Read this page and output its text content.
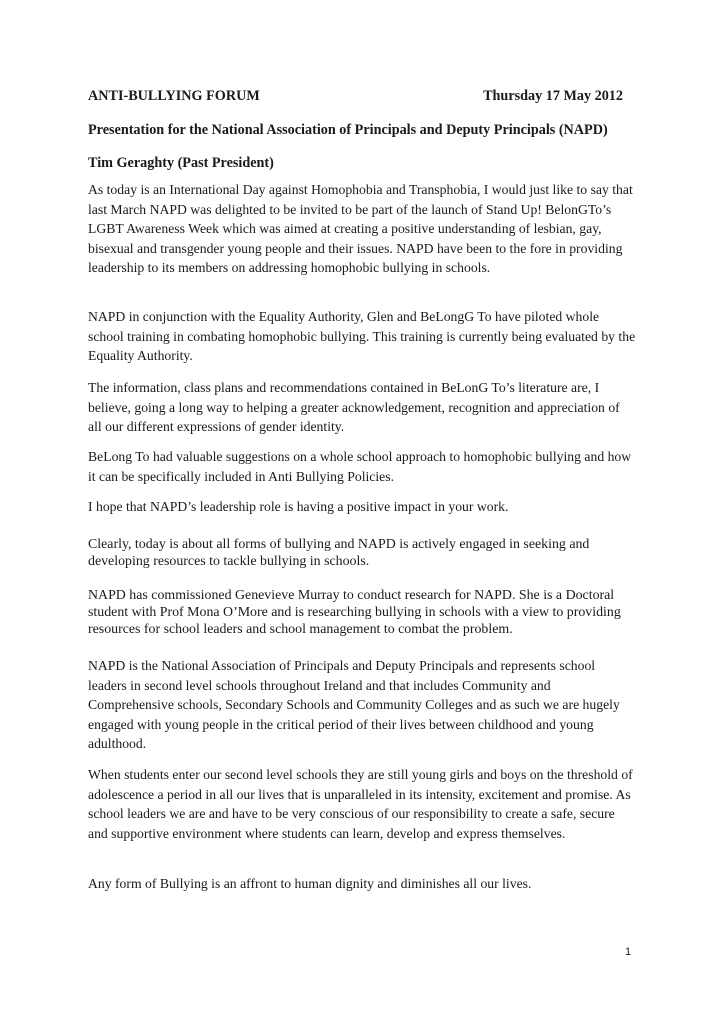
ANTI-BULLYING FORUM	Thursday 17 May 2012
Presentation for the National Association of Principals and Deputy Principals (NAPD)
Tim Geraghty (Past President)

As today is an International Day against Homophobia and Transphobia, I would just like to say that last March NAPD was delighted to be invited to be part of the launch of Stand Up! BelonGTo’s LGBT Awareness Week which was aimed at creating a positive understanding of lesbian, gay, bisexual and transgender young people and their issues. NAPD have been to the fore in providing leadership to its members on addressing homophobic bullying in schools.

NAPD in conjunction with the Equality Authority, Glen and BeLongG To have piloted whole school training in combating homophobic bullying. This training is currently being evaluated by the Equality Authority.

The information, class plans and recommendations contained in BeLonG To’s literature are, I believe, going a long way to helping a greater acknowledgement, recognition and appreciation of all our different expressions of gender identity.

BeLong To had valuable suggestions on a whole school approach to homophobic bullying and how it can be specifically included in Anti Bullying Policies.

I hope that NAPD’s leadership role is having a positive impact in your work.

Clearly, today is about all forms of bullying and NAPD is actively engaged in seeking and developing resources to tackle bullying in schools.

NAPD has commissioned Genevieve Murray to conduct research for NAPD. She is a Doctoral student with Prof Mona O’More and is researching bullying in schools with a view to providing resources for school leaders and school management to combat the problem.

NAPD is the National Association of Principals and Deputy Principals and represents school leaders in second level schools throughout Ireland and that includes Community and Comprehensive schools, Secondary Schools and Community Colleges and as such we are hugely engaged with young people in the critical period of their lives between childhood and young adulthood.

When students enter our second level schools they are still young girls and boys on the threshold of adolescence a period in all our lives that is unparalleled in its intensity, excitement and promise. As school leaders we are and have to be very conscious of our responsibility to create a safe, secure and supportive environment where students can learn, develop and express themselves.

Any form of Bullying is an affront to human dignity and diminishes all our lives.

1
